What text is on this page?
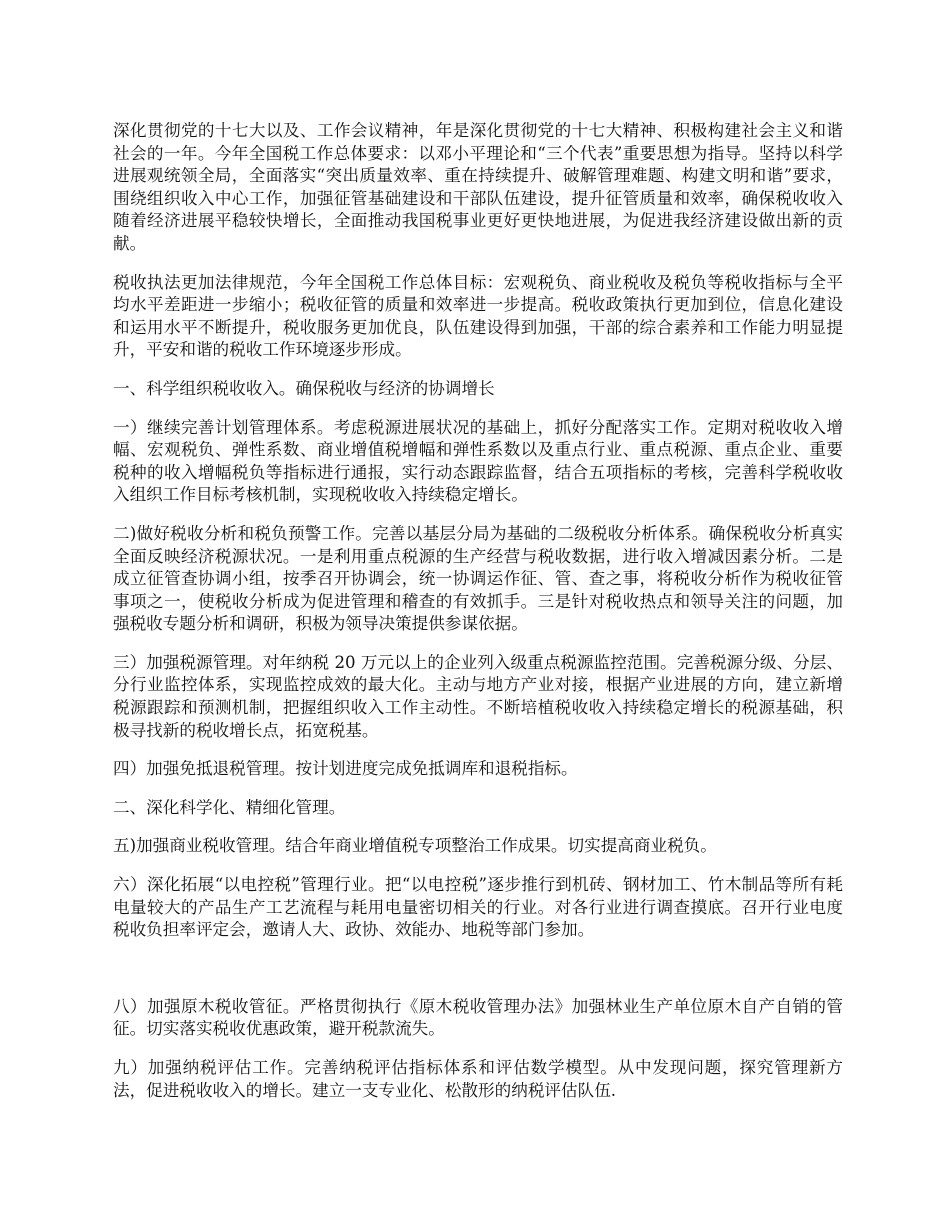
深化贯彻党的十七大以及、工作会议精神，年是深化贯彻党的十七大精神、积极构建社会主义和谐社会的一年。今年全国税工作总体要求：以邓小平理论和“三个代表”重要思想为指导。坚持以科学进展观统领全局，全面落实“突出质量效率、重在持续提升、破解管理难题、构建文明和谐”要求，围绕组织收入中心工作，加强征管基础建设和干部队伍建设，提升征管质量和效率，确保税收收入随着经济进展平稳较快增长，全面推动我国税事业更好更快地进展，为促进我经济建设做出新的贡献。

税收执法更加法律规范，今年全国税工作总体目标：宏观税负、商业税收及税负等税收指标与全平均水平差距进一步缩小；税收征管的质量和效率进一步提高。税收政策执行更加到位，信息化建设和运用水平不断提升，税收服务更加优良，队伍建设得到加强，干部的综合素养和工作能力明显提升，平安和谐的税收工作环境逐步形成。

一、科学组织税收收入。确保税收与经济的协调增长

一）继续完善计划管理体系。考虑税源进展状况的基础上，抓好分配落实工作。定期对税收收入增幅、宏观税负、弹性系数、商业增值税增幅和弹性系数以及重点行业、重点税源、重点企业、重要税种的收入增幅税负等指标进行通报，实行动态跟踪监督，结合五项指标的考核，完善科学税收收入组织工作目标考核机制，实现税收收入持续稳定增长。

二)做好税收分析和税负预警工作。完善以基层分局为基础的二级税收分析体系。确保税收分析真实全面反映经济税源状况。一是利用重点税源的生产经营与税收数据，进行收入增减因素分析。二是成立征管查协调小组，按季召开协调会，统一协调运作征、管、查之事，将税收分析作为税收征管事项之一，使税收分析成为促进管理和稽查的有效抓手。三是针对税收热点和领导关注的问题，加强税收专题分析和调研，积极为领导决策提供参谋依据。

三）加强税源管理。对年纳税 20 万元以上的企业列入级重点税源监控范围。完善税源分级、分层、分行业监控体系，实现监控成效的最大化。主动与地方产业对接，根据产业进展的方向，建立新增税源跟踪和预测机制，把握组织收入工作主动性。不断培植税收收入持续稳定增长的税源基础，积极寻找新的税收增长点，拓宽税基。

四）加强免抵退税管理。按计划进度完成免抵调库和退税指标。

二、深化科学化、精细化管理。

五)加强商业税收管理。结合年商业增值税专项整治工作成果。切实提高商业税负。

六）深化拓展“以电控税”管理行业。把“以电控税”逐步推行到机砖、钢材加工、竹木制品等所有耗电量较大的产品生产工艺流程与耗用电量密切相关的行业。对各行业进行调查摸底。召开行业电度税收负担率评定会，邀请人大、政协、效能办、地税等部门参加。

八）加强原木税收管征。严格贯彻执行《原木税收管理办法》加强林业生产单位原木自产自销的管征。切实落实税收优惠政策，避开税款流失。

九）加强纳税评估工作。完善纳税评估指标体系和评估数学模型。从中发现问题，探究管理新方法，促进税收收入的增长。建立一支专业化、松散形的纳税评估队伍.
